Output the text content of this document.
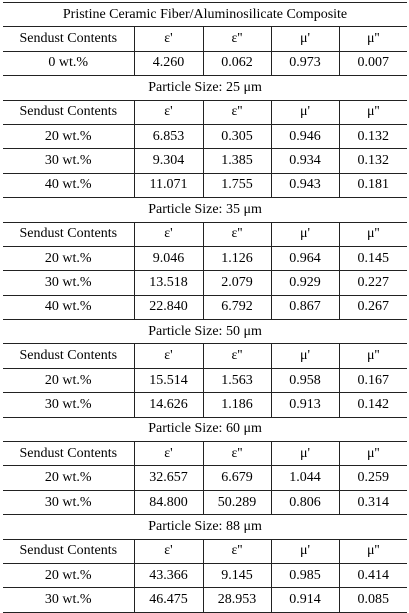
Pristine Ceramic Fiber/Aluminosilicate Composite				
Sendust Contents	ε'	ε''	μ'	μ''
0 wt.%	4.260	0.062	0.973	0.007
Particle Size: 25 μm				
Sendust Contents	ε'	ε''	μ'	μ''
20 wt.%	6.853	0.305	0.946	0.132
30 wt.%	9.304	1.385	0.934	0.132
40 wt.%	11.071	1.755	0.943	0.181
Particle Size: 35 μm				
Sendust Contents	ε'	ε''	μ'	μ''
20 wt.%	9.046	1.126	0.964	0.145
30 wt.%	13.518	2.079	0.929	0.227
40 wt.%	22.840	6.792	0.867	0.267
Particle Size: 50 μm				
Sendust Contents	ε'	ε''	μ'	μ''
20 wt.%	15.514	1.563	0.958	0.167
30 wt.%	14.626	1.186	0.913	0.142
Particle Size: 60 μm				
Sendust Contents	ε'	ε''	μ'	μ''
20 wt.%	32.657	6.679	1.044	0.259
30 wt.%	84.800	50.289	0.806	0.314
Particle Size: 88 μm				
Sendust Contents	ε'	ε''	μ'	μ''
20 wt.%	43.366	9.145	0.985	0.414
30 wt.%	46.475	28.953	0.914	0.085
